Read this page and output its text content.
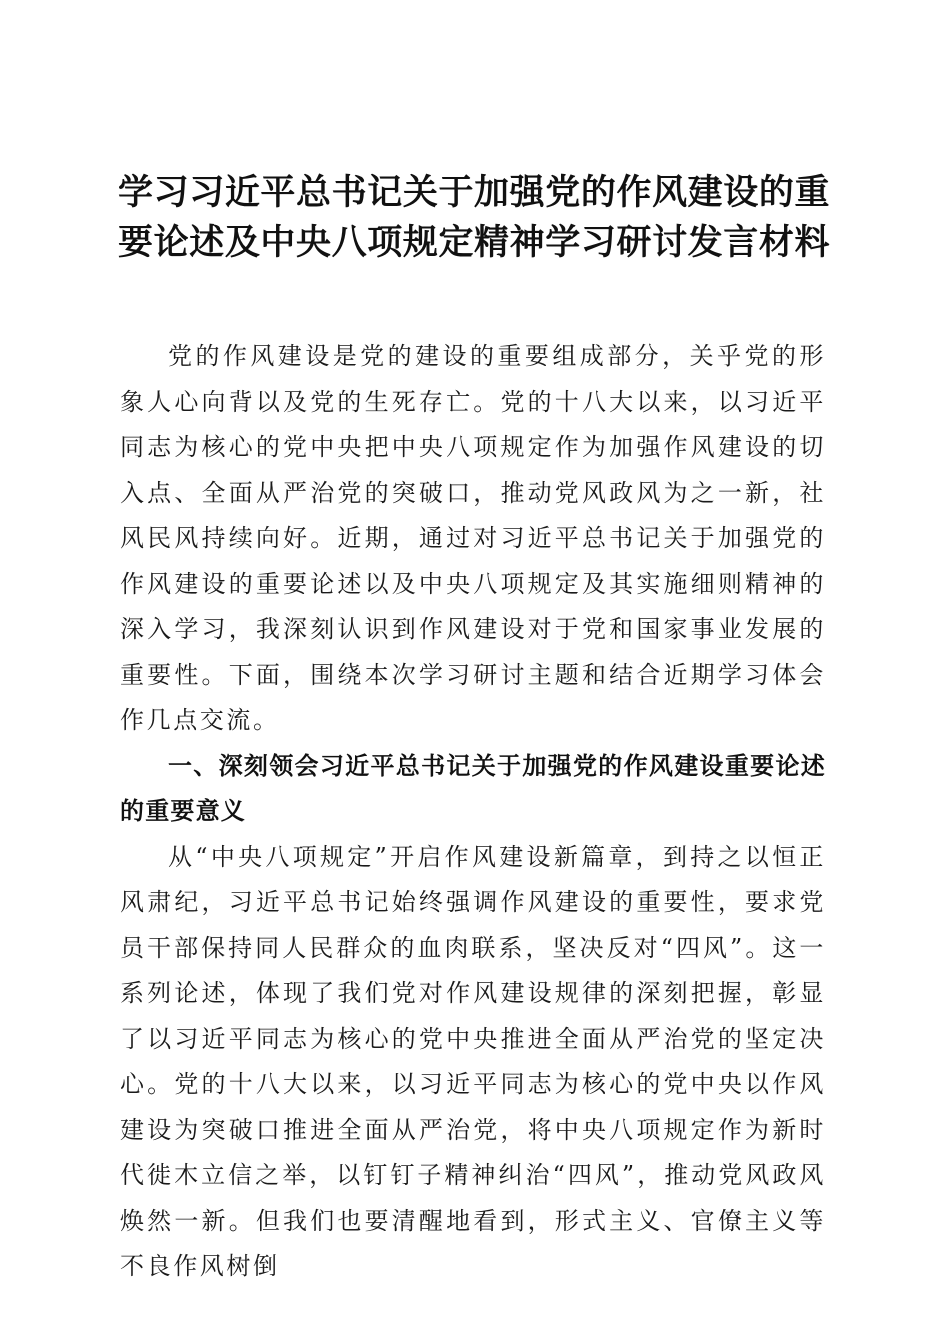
学习习近平总书记关于加强党的作风建设的重
要论述及中央八项规定精神学习研讨发言材料

党的作风建设是党的建设的重要组成部分，关乎党的形象人心向背以及党的生死存亡。党的十八大以来，以习近平同志为核心的党中央把中央八项规定作为加强作风建设的切入点、全面从严治党的突破口，推动党风政风为之一新，社风民风持续向好。近期，通过对习近平总书记关于加强党的作风建设的重要论述以及中央八项规定及其实施细则精神的深入学习，我深刻认识到作风建设对于党和国家事业发展的重要性。下面，围绕本次学习研讨主题和结合近期学习体会作几点交流。

一、深刻领会习近平总书记关于加强党的作风建设重要论述的重要意义

从“中央八项规定”开启作风建设新篇章，到持之以恒正风肃纪，习近平总书记始终强调作风建设的重要性，要求党员干部保持同人民群众的血肉联系，坚决反对“四风”。这一系列论述，体现了我们党对作风建设规律的深刻把握，彰显了以习近平同志为核心的党中央推进全面从严治党的坚定决心。党的十八大以来，以习近平同志为核心的党中央以作风建设为突破口推进全面从严治党，将中央八项规定作为新时代徙木立信之举，以钉钉子精神纠治“四风”，推动党风政风焕然一新。但我们也要清醒地看到，形式主义、官僚主义等不良作风树倒
